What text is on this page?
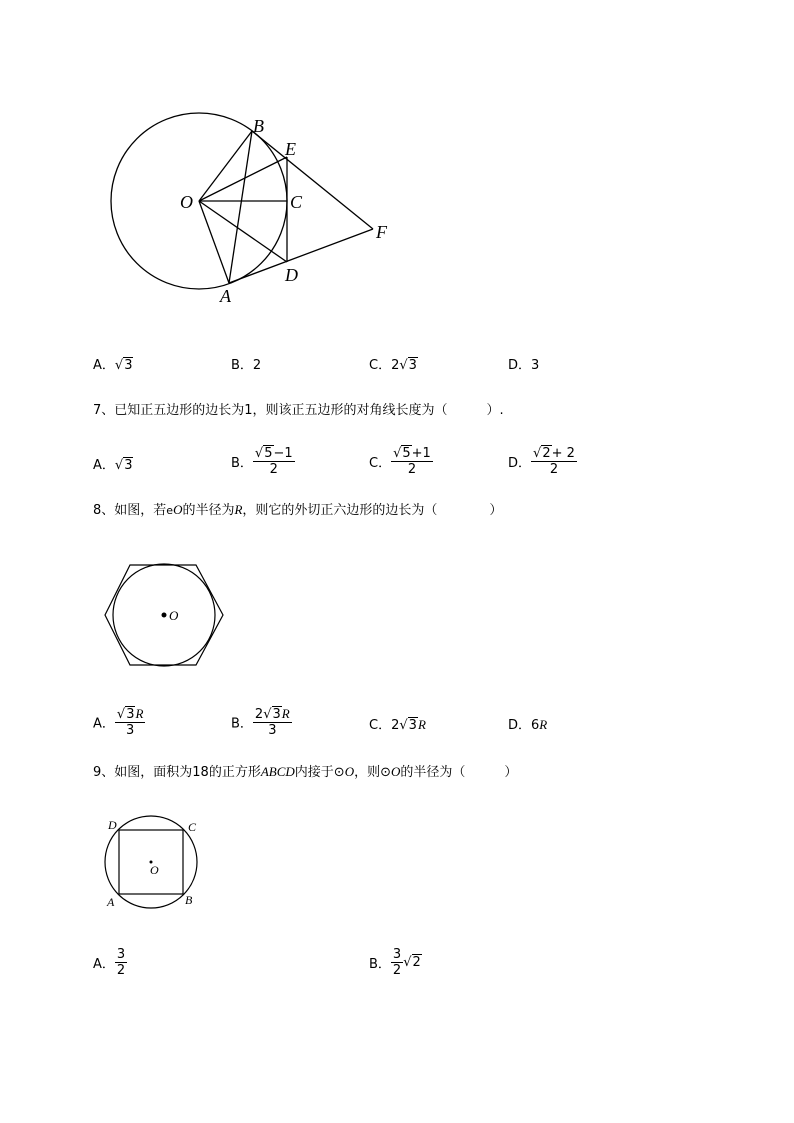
B
E
O	C
F
D
A
A．√3	B．2	C．2√3	D．3
7、已知正五边形的边长为1，则该正五边形的对角线长度为（　　　）.
A．√3	B． $\frac{√5-1}{2}$	C． $\frac{√5+1}{2}$	D． $\frac{√2+ 2}{2}$
8、如图，若eO的半径为R，则它的外切正六边形的边长为（　　　　）
O
A． $\frac{√3R}{3}$	B． $\frac{2√3R}{3}$	C．2√3R	D．6R
9、如图，面积为18的正方形ABCD内接于⊙O，则⊙O的半径为（　　　）
D	C
O
A	B
A． $\frac{3}{2}$	B． $\frac{3}{2} √2$
